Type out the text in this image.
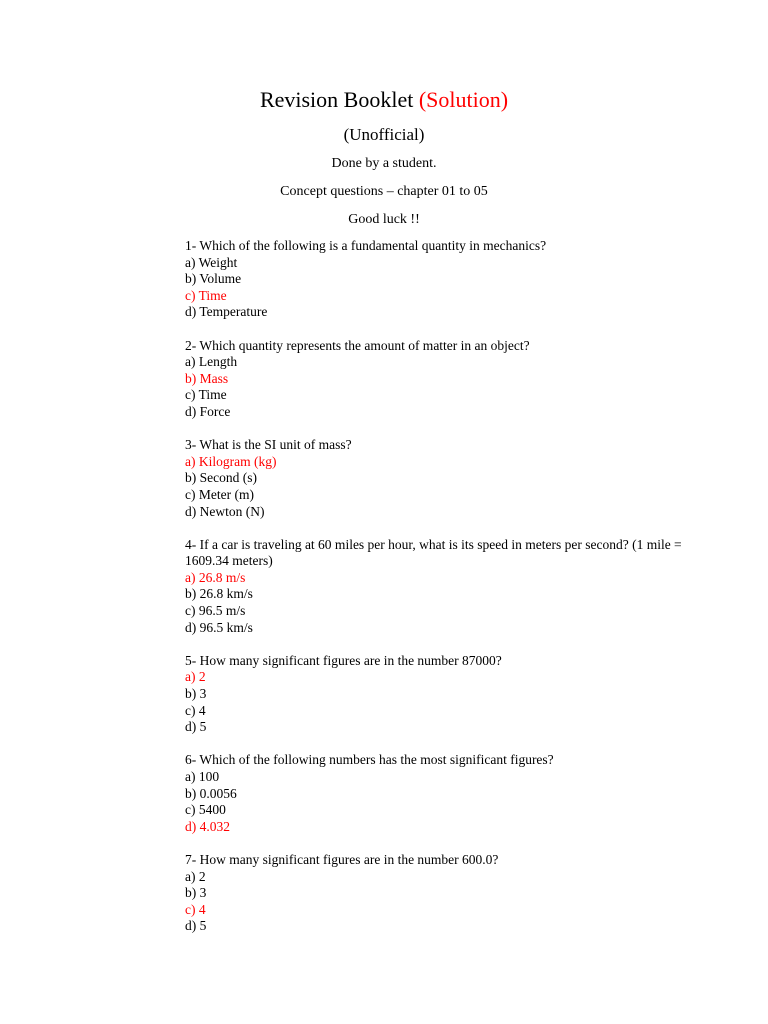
Revision Booklet (Solution)
(Unofficial)
Done by a student.
Concept questions – chapter 01 to 05
Good luck !!
1- Which of the following is a fundamental quantity in mechanics?
a) Weight
b) Volume
c) Time
d) Temperature
2- Which quantity represents the amount of matter in an object?
a) Length
b) Mass
c) Time
d) Force
3- What is the SI unit of mass?
a) Kilogram (kg)
b) Second (s)
c) Meter (m)
d) Newton (N)
4- If a car is traveling at 60 miles per hour, what is its speed in meters per second? (1 mile = 1609.34 meters)
a) 26.8 m/s
b) 26.8 km/s
c) 96.5 m/s
d) 96.5 km/s
5- How many significant figures are in the number 87000?
a) 2
b) 3
c) 4
d) 5
6- Which of the following numbers has the most significant figures?
a) 100
b) 0.0056
c) 5400
d) 4.032
7- How many significant figures are in the number 600.0?
a) 2
b) 3
c) 4
d) 5
